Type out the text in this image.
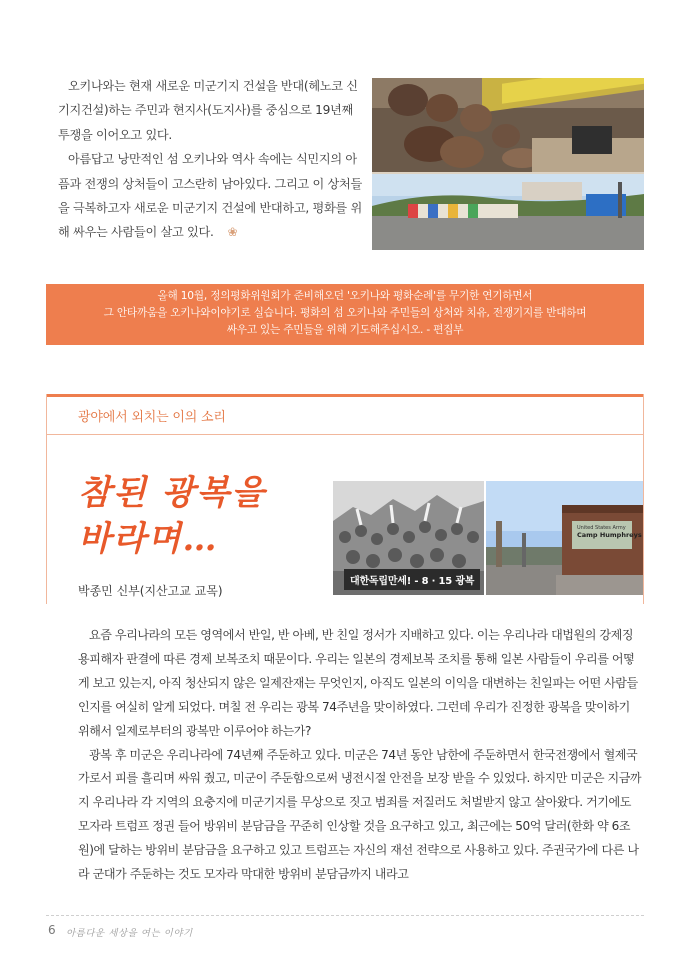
오키나와는 현재 새로운 미군기지 건설을 반대(헤노코 신기지건설)하는 주민과 현지사(도지사)를 중심으로 19년째 투쟁을 이어오고 있다.

아름답고 낭만적인 섬 오키나와 역사 속에는 식민지의 아픔과 전쟁의 상처들이 고스란히 남아있다. 그리고 이 상처들을 극복하고자 새로운 미군기지 건설에 반대하고, 평화를 위해 싸우는 사람들이 살고 있다. ❀

올해 10월, 정의평화위원회가 준비해오던 '오키나와 평화순례'를 무기한 연기하면서
그 안타까움을 오키나와이야기로 실습니다. 평화의 섬 오키나와 주민들의 상처와 치유, 전쟁기지를 반대하며
싸우고 있는 주민들을 위해 기도해주십시오. - 편집부
광야에서 외치는 이의 소리
참된 광복을
바라며…
박종민 신부(지산고교 교목)
대한독립만세! - 8 · 15 광복
United States Army
Camp Humphreys

요즘 우리나라의 모든 영역에서 반일, 반 아베, 반 친일 정서가 지배하고 있다. 이는 우리나라 대법원의 강제징용피해자 판결에 따른 경제 보복조치 때문이다. 우리는 일본의 경제보복 조치를 통해 일본 사람들이 우리를 어떻게 보고 있는지, 아직 청산되지 않은 일제잔재는 무엇인지, 아직도 일본의 이익을 대변하는 친일파는 어떤 사람들인지를 여실히 알게 되었다. 며칠 전 우리는 광복 74주년을 맞이하였다. 그런데 우리가 진정한 광복을 맞이하기 위해서 일제로부터의 광복만 이루어야 하는가?

광복 후 미군은 우리나라에 74년째 주둔하고 있다. 미군은 74년 동안 남한에 주둔하면서 한국전쟁에서 혈제국가로서 피를 흘리며 싸워 줬고, 미군이 주둔함으로써 냉전시절 안전을 보장 받을 수 있었다. 하지만 미군은 지금까지 우리나라 각 지역의 요충지에 미군기지를 무상으로 짓고 범죄를 저질러도 처벌받지 않고 살아왔다. 거기에도 모자라 트럼프 정권 들어 방위비 분담금을 꾸준히 인상할 것을 요구하고 있고, 최근에는 50억 달러(한화 약 6조원)에 달하는 방위비 분담금을 요구하고 있고 트럼프는 자신의 재선 전략으로 사용하고 있다. 주권국가에 다른 나라 군대가 주둔하는 것도 모자라 막대한 방위비 분담금까지 내라고

6 아름다운 세상을 여는 이야기
